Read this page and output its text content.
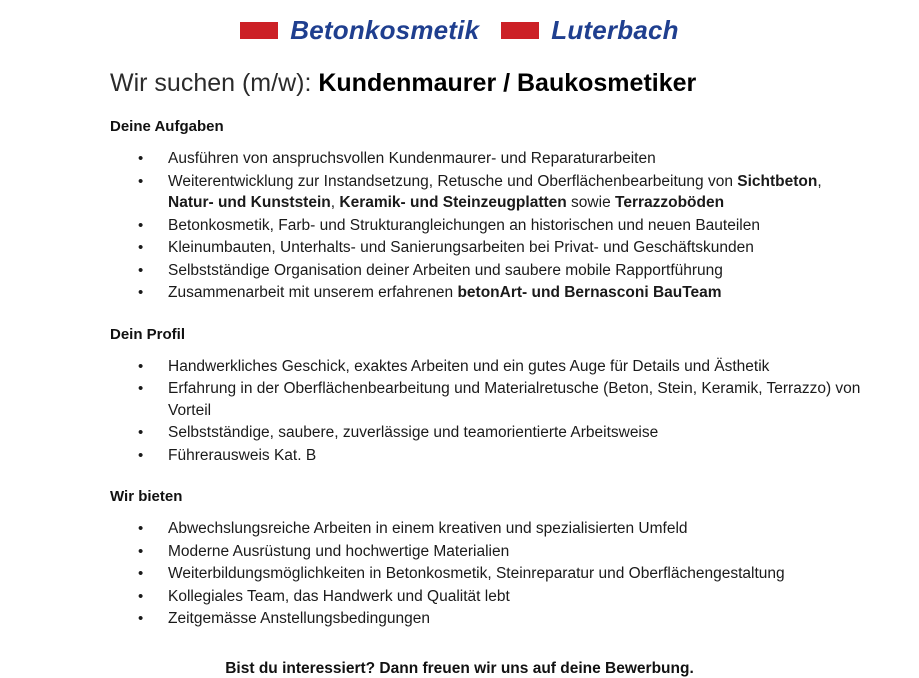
Betonkosmetik	Luterbach
Wir suchen (m/w): Kundenmaurer / Baukosmetiker
Deine Aufgaben
• Ausführen von anspruchsvollen Kundenmaurer- und Reparaturarbeiten
• Weiterentwicklung zur Instandsetzung, Retusche und Oberflächenbearbeitung von Sichtbeton, Natur- und Kunststein, Keramik- und Steinzeugplatten sowie Terrazzoböden
• Betonkosmetik, Farb- und Strukturangleichungen an historischen und neuen Bauteilen
• Kleinumbauten, Unterhalts- und Sanierungsarbeiten bei Privat- und Geschäftskunden
• Selbstständige Organisation deiner Arbeiten und saubere mobile Rapportführung
• Zusammenarbeit mit unserem erfahrenen betonArt- und Bernasconi BauTeam
Dein Profil
• Handwerkliches Geschick, exaktes Arbeiten und ein gutes Auge für Details und Ästhetik
• Erfahrung in der Oberflächenbearbeitung und Materialretusche (Beton, Stein, Keramik, Terrazzo) von Vorteil
• Selbstständige, saubere, zuverlässige und teamorientierte Arbeitsweise
• Führerausweis Kat. B
Wir bieten
• Abwechslungsreiche Arbeiten in einem kreativen und spezialisierten Umfeld
• Moderne Ausrüstung und hochwertige Materialien
• Weiterbildungsmöglichkeiten in Betonkosmetik, Steinreparatur und Oberflächengestaltung
• Kollegiales Team, das Handwerk und Qualität lebt
• Zeitgemässe Anstellungsbedingungen
Bist du interessiert? Dann freuen wir uns auf deine Bewerbung.
